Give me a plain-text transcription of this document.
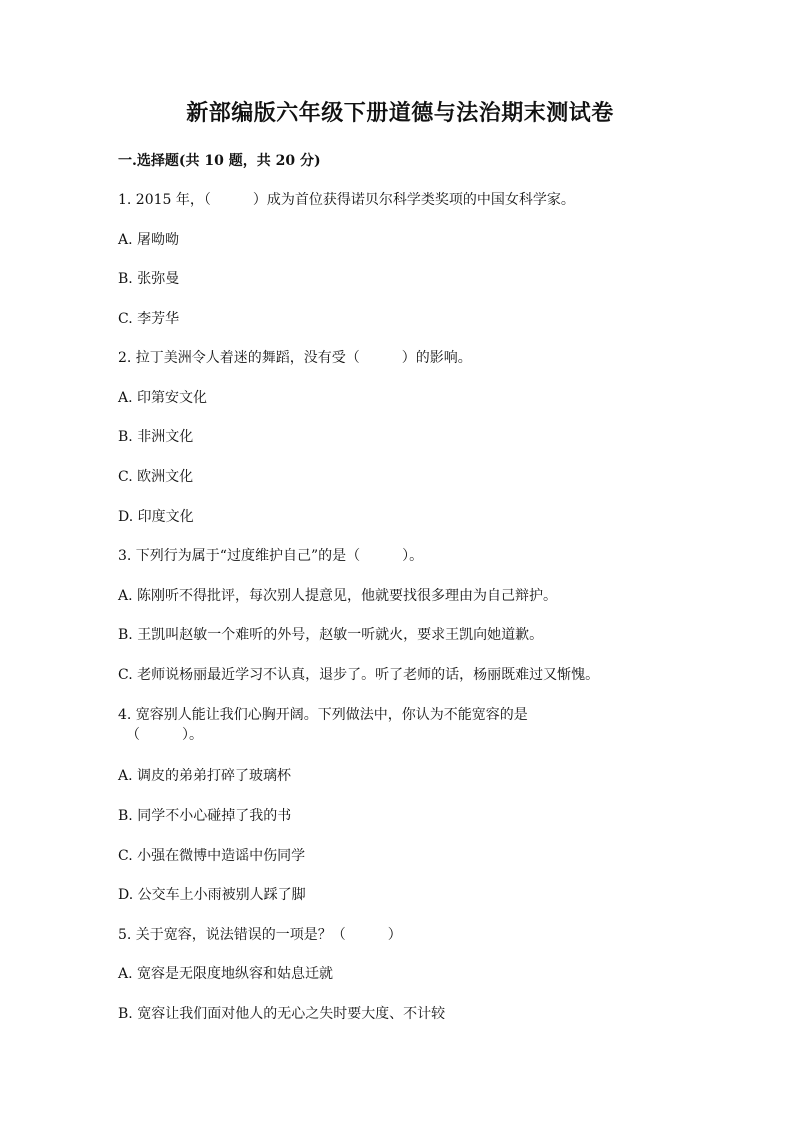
新部编版六年级下册道德与法治期末测试卷
一.选择题(共 10 题，共 20 分)
1. 2015 年，（　　　）成为首位获得诺贝尔科学类奖项的中国女科学家。
A. 屠呦呦
B. 张弥曼
C. 李芳华
2. 拉丁美洲令人着迷的舞蹈，没有受（　　　）的影响。
A. 印第安文化
B. 非洲文化
C. 欧洲文化
D. 印度文化
3. 下列行为属于“过度维护自己”的是（　　　）。
A. 陈刚听不得批评，每次别人提意见，他就要找很多理由为自己辩护。
B. 王凯叫赵敏一个难听的外号，赵敏一听就火，要求王凯向她道歉。
C. 老师说杨丽最近学习不认真，退步了。听了老师的话，杨丽既难过又惭愧。
4. 宽容别人能让我们心胸开阔。下列做法中，你认为不能宽容的是
（　　　）。
A. 调皮的弟弟打碎了玻璃杯
B. 同学不小心碰掉了我的书
C. 小强在微博中造谣中伤同学
D. 公交车上小雨被别人踩了脚
5. 关于宽容，说法错误的一项是？（　　　）
A. 宽容是无限度地纵容和姑息迁就
B. 宽容让我们面对他人的无心之失时要大度、不计较
